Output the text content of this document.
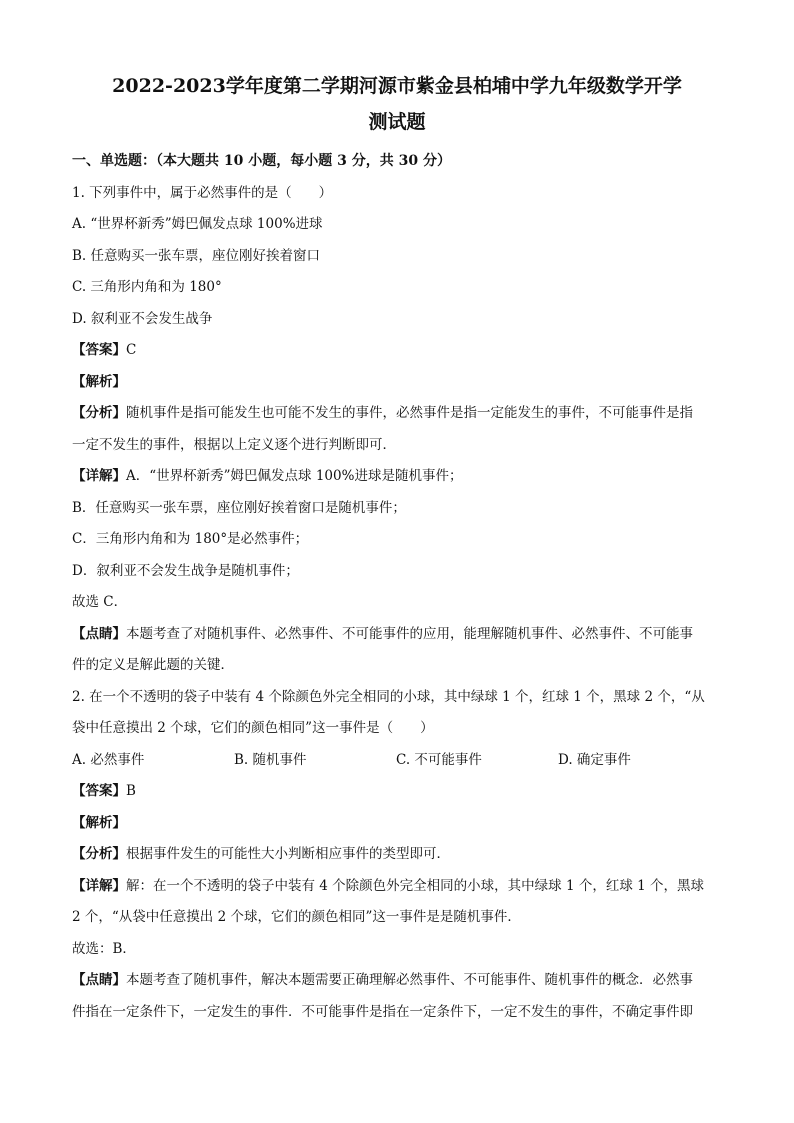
2022-2023学年度第二学期河源市紫金县柏埔中学九年级数学开学

测试题

一、单选题：（本大题共 10 小题，每小题 3 分，共 30 分）

1. 下列事件中，属于必然事件的是（　　）

A. “世界杯新秀”姆巴佩发点球 100%进球

B. 任意购买一张车票，座位刚好挨着窗口

C. 三角形内角和为 180°

D. 叙利亚不会发生战争

【答案】C

【解析】

【分析】随机事件是指可能发生也可能不发生的事件，必然事件是指一定能发生的事件，不可能事件是指

一定不发生的事件，根据以上定义逐个进行判断即可．

【详解】A．“世界杯新秀”姆巴佩发点球 100%进球是随机事件；

B．任意购买一张车票，座位刚好挨着窗口是随机事件；

C．三角形内角和为 180°是必然事件；

D．叙利亚不会发生战争是随机事件；

故选 C．

【点睛】本题考查了对随机事件、必然事件、不可能事件的应用，能理解随机事件、必然事件、不可能事

件的定义是解此题的关键．

2. 在一个不透明的袋子中装有 4 个除颜色外完全相同的小球，其中绿球 1 个，红球 1 个，黑球 2 个，“从

袋中任意摸出 2 个球，它们的颜色相同”这一事件是（　　）

A. 必然事件	B. 随机事件	C. 不可能事件	D. 确定事件

【答案】B

【解析】

【分析】根据事件发生的可能性大小判断相应事件的类型即可．

【详解】解：在一个不透明的袋子中装有 4 个除颜色外完全相同的小球，其中绿球 1 个，红球 1 个，黑球

2 个，“从袋中任意摸出 2 个球，它们的颜色相同”这一事件是是随机事件．

故选：B．

【点睛】本题考查了随机事件，解决本题需要正确理解必然事件、不可能事件、随机事件的概念．必然事

件指在一定条件下，一定发生的事件．不可能事件是指在一定条件下，一定不发生的事件，不确定事件即
